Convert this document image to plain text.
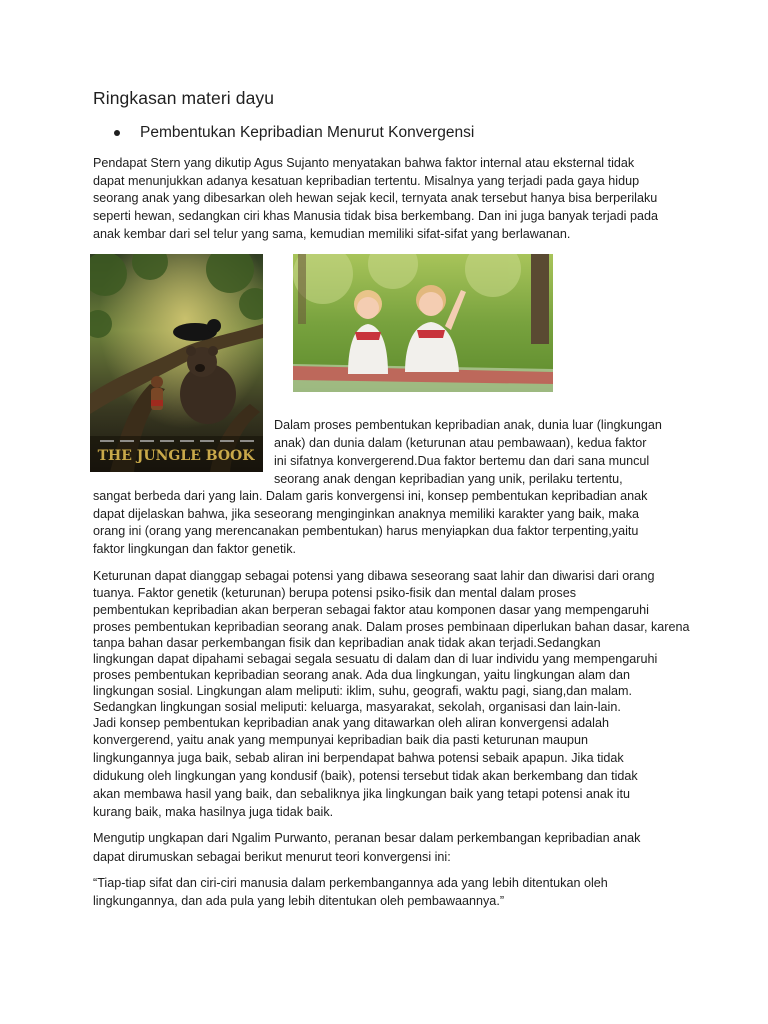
Ringkasan materi dayu
Pembentukan Kepribadian Menurut Konvergensi
Pendapat Stern yang dikutip Agus Sujanto menyatakan bahwa faktor internal atau eksternal tidak
dapat menunjukkan adanya kesatuan kepribadian tertentu. Misalnya yang terjadi pada gaya hidup
seorang anak yang dibesarkan oleh hewan sejak kecil, ternyata anak tersebut hanya bisa berperilaku
seperti hewan, sedangkan ciri khas Manusia tidak bisa berkembang. Dan ini juga banyak terjadi pada
anak kembar dari sel telur yang sama, kemudian memiliki sifat-sifat yang berlawanan.
THE JUNGLE BOOK
Dalam proses pembentukan kepribadian anak, dunia luar (lingkungan
anak) dan dunia dalam (keturunan atau pembawaan), kedua faktor
ini sifatnya konvergerend.Dua faktor bertemu dan dari sana muncul
seorang anak dengan kepribadian yang unik, perilaku tertentu,
sangat berbeda dari yang lain. Dalam garis konvergensi ini, konsep pembentukan kepribadian anak
dapat dijelaskan bahwa, jika seseorang menginginkan anaknya memiliki karakter yang baik, maka
orang ini (orang yang merencanakan pembentukan) harus menyiapkan dua faktor terpenting,yaitu
faktor lingkungan dan faktor genetik.
Keturunan dapat dianggap sebagai potensi yang dibawa seseorang saat lahir dan diwarisi dari orang
tuanya. Faktor genetik (keturunan) berupa potensi psiko-fisik dan mental dalam proses
pembentukan kepribadian akan berperan sebagai faktor atau komponen dasar yang mempengaruhi
proses pembentukan kepribadian seorang anak. Dalam proses pembinaan diperlukan bahan dasar, karena
tanpa bahan dasar perkembangan fisik dan kepribadian anak tidak akan terjadi.Sedangkan
lingkungan dapat dipahami sebagai segala sesuatu di dalam dan di luar individu yang mempengaruhi
proses pembentukan kepribadian seorang anak. Ada dua lingkungan, yaitu lingkungan alam dan
lingkungan sosial. Lingkungan alam meliputi: iklim, suhu, geografi, waktu pagi, siang,dan malam.
Sedangkan lingkungan sosial meliputi: keluarga, masyarakat, sekolah, organisasi dan lain-lain.
Jadi konsep pembentukan kepribadian anak yang ditawarkan oleh aliran konvergensi adalah
konvergerend, yaitu anak yang mempunyai kepribadian baik dia pasti keturunan maupun
lingkungannya juga baik, sebab aliran ini berpendapat bahwa potensi sebaik apapun. Jika tidak
didukung oleh lingkungan yang kondusif (baik), potensi tersebut tidak akan berkembang dan tidak
akan membawa hasil yang baik, dan sebaliknya jika lingkungan baik yang tetapi potensi anak itu
kurang baik, maka hasilnya juga tidak baik.
Mengutip ungkapan dari Ngalim Purwanto, peranan besar dalam perkembangan kepribadian anak
dapat dirumuskan sebagai berikut menurut teori konvergensi ini:
“Tiap-tiap sifat dan ciri-ciri manusia dalam perkembangannya ada yang lebih ditentukan oleh
lingkungannya, dan ada pula yang lebih ditentukan oleh pembawaannya.”
